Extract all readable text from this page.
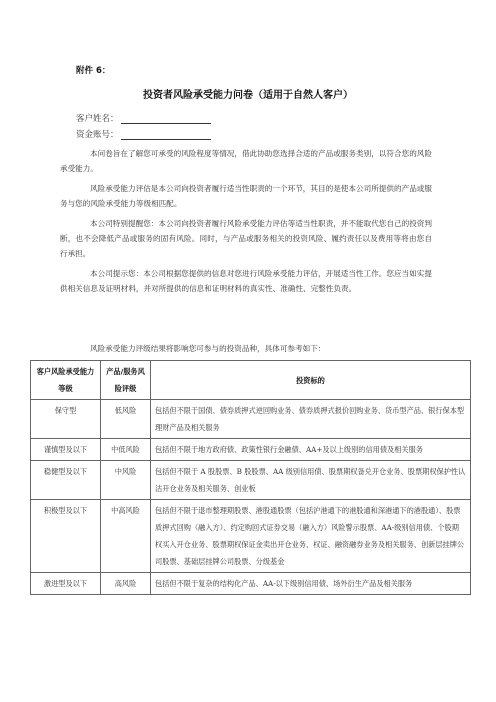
附件 6：
投资者风险承受能力问卷（适用于自然人客户）
客户姓名：
资金账号：
本问卷旨在了解您可承受的风险程度等情况，借此协助您选择合适的产品或服务类别，以符合您的风险承受能力。
风险承受能力评估是本公司向投资者履行适当性职责的一个环节，其目的是使本公司所提供的产品或服务与您的风险承受能力等级相匹配。
本公司特别提醒您：本公司向投资者履行风险承受能力评估等适当性职责，并不能取代您自己的投资判断，也不会降低产品或服务的固有风险。同时，与产品或服务相关的投资风险、履约责任以及费用等将由您自行承担。
本公司提示您：本公司根据您提供的信息对您进行风险承受能力评估，开展适当性工作。您应当如实提供相关信息及证明材料，并对所提供的信息和证明材料的真实性、准确性、完整性负责。
风险承受能力评级结果将影响您可参与的投资品种，具体可参考如下：
客户风险承受能力等级	产品/服务风险评级	投资标的
保守型	低风险	包括但不限于国债、债券质押式逆回购业务、债券质押式报价回购业务、货币型产品、银行保本型理财产品及相关服务
谨慎型及以下	中低风险	包括但不限于地方政府债、政策性银行金融债、AA+及以上级别的信用债及相关服务
稳健型及以下	中风险	包括但不限于 A 股股票、B 股股票、AA 级别信用债、股票期权备兑开仓业务、股票期权保护性认沽开仓业务及相关服务、创业板
积极型及以下	中高风险	包括但不限于退市整理期股票、港股通股票（包括沪港通下的港股通和深港通下的港股通）、股票质押式回购（融入方）、约定购回式证券交易（融入方）风险警示股票、AA-级别信用债、个股期权买入开仓业务、股票期权保证金卖出开仓业务、权证、融资融券业务及相关服务、创新层挂牌公司股票、基础层挂牌公司股票、分级基金
激进型及以下	高风险	包括但不限于复杂的结构化产品、AA-以下级别信用债、场外衍生产品及相关服务
